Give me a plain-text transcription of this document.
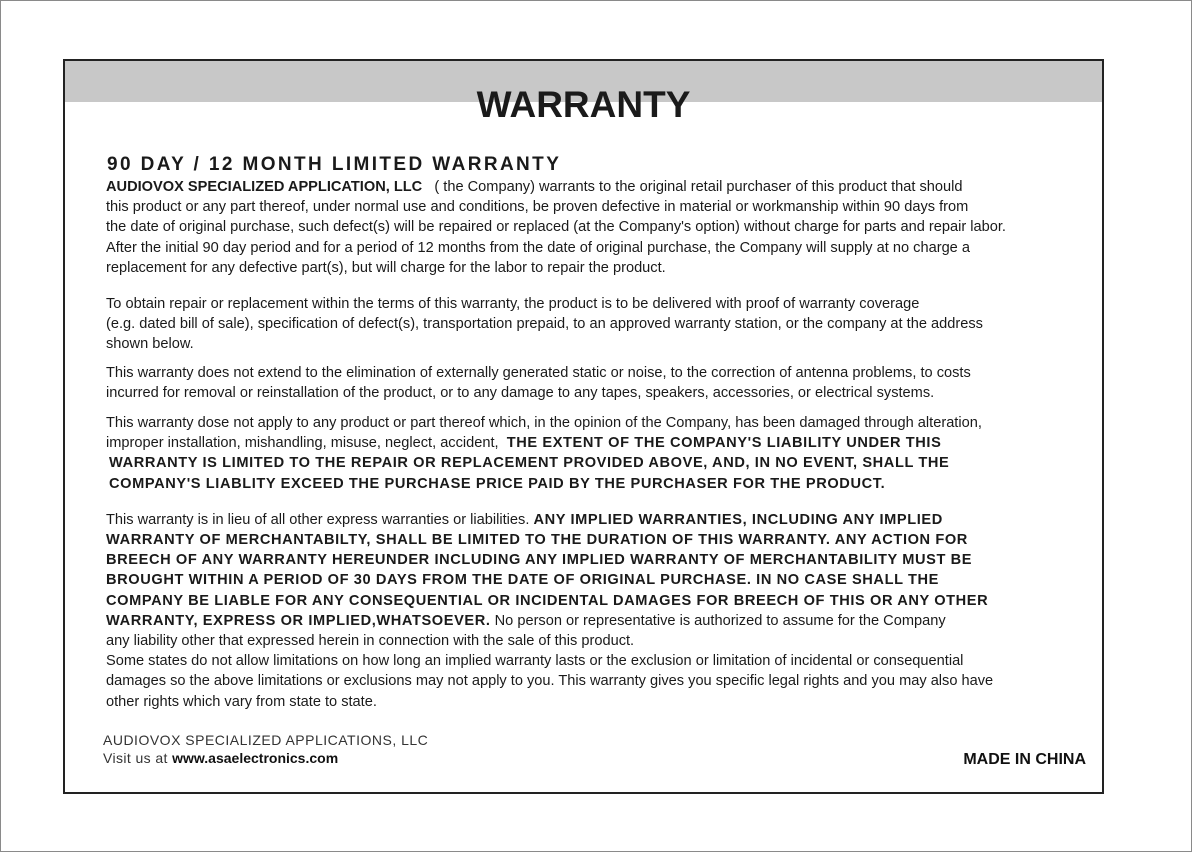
WARRANTY
90 DAY / 12 MONTH LIMITED WARRANTY
AUDIOVOX SPECIALIZED APPLICATION, LLC ( the Company) warrants to the original retail purchaser of this product that should
this product or any part thereof, under normal use and conditions, be proven defective in material or workmanship within 90 days from
the date of original purchase, such defect(s) will be repaired or replaced (at the Company's option) without charge for parts and repair labor.
After the initial 90 day period and for a period of 12 months from the date of original purchase, the Company will supply at no charge a
replacement for any defective part(s), but will charge for the labor to repair the product.
To obtain repair or replacement within the terms of this warranty, the product is to be delivered with proof of warranty coverage
(e.g. dated bill of sale), specification of defect(s), transportation prepaid, to an approved warranty station, or the company at the address
shown below.
This warranty does not extend to the elimination of externally generated static or noise, to the correction of antenna problems, to costs
incurred for removal or reinstallation of the product, or to any damage to any tapes, speakers, accessories, or electrical systems.
This warranty dose not apply to any product or part thereof which, in the opinion of the Company, has been damaged through alteration,
improper installation, mishandling, misuse, neglect, accident, THE EXTENT OF THE COMPANY'S LIABILITY UNDER THIS
WARRANTY IS LIMITED TO THE REPAIR OR REPLACEMENT PROVIDED ABOVE, AND, IN NO EVENT, SHALL THE
COMPANY'S LIABLITY EXCEED THE PURCHASE PRICE PAID BY THE PURCHASER FOR THE PRODUCT.
This warranty is in lieu of all other express warranties or liabilities. ANY IMPLIED WARRANTIES, INCLUDING ANY IMPLIED
WARRANTY OF MERCHANTABILTY, SHALL BE LIMITED TO THE DURATION OF THIS WARRANTY. ANY ACTION FOR
BREECH OF ANY WARRANTY HEREUNDER INCLUDING ANY IMPLIED WARRANTY OF MERCHANTABILITY MUST BE
BROUGHT WITHIN A PERIOD OF 30 DAYS FROM THE DATE OF ORIGINAL PURCHASE. IN NO CASE SHALL THE
COMPANY BE LIABLE FOR ANY CONSEQUENTIAL OR INCIDENTAL DAMAGES FOR BREECH OF THIS OR ANY OTHER
WARRANTY, EXPRESS OR IMPLIED,WHATSOEVER. No person or representative is authorized to assume for the Company
any liability other that expressed herein in connection with the sale of this product.
Some states do not allow limitations on how long an implied warranty lasts or the exclusion or limitation of incidental or consequential
damages so the above limitations or exclusions may not apply to you. This warranty gives you specific legal rights and you may also have
other rights which vary from state to state.
AUDIOVOX SPECIALIZED APPLICATIONS, LLC
Visit us at www.asaelectronics.com	MADE IN CHINA
